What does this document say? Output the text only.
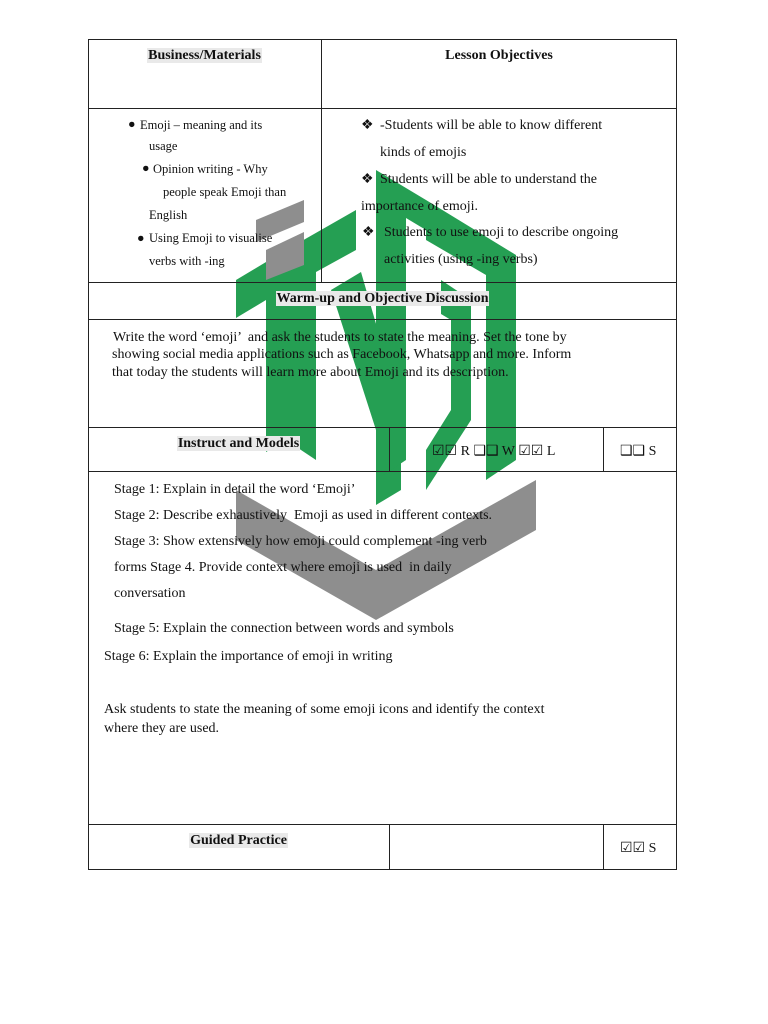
Business/Materials	Lesson Objectives
● Emoji – meaning and its
usage
● Opinion writing - Why
people speak Emoji than
English
● Using Emoji to visualise
verbs with -ing
❖ -Students will be able to know different
kinds of emojis
❖ Students will be able to understand the
importance of emoji.
❖ Students to use emoji to describe ongoing
activities (using -ing verbs)
Warm-up and Objective Discussion
Write the word ‘emoji’  and ask the students to state the meaning. Set the tone by
showing social media applications such as Facebook, Whatsapp and more. Inform
that today the students will learn more about Emoji and its description.
Instruct and Models
☑☑ R ❑❑ W ☑☑ L	❑❑ S
Stage 1: Explain in detail the word ‘Emoji’
Stage 2: Describe exhaustively  Emoji as used in different contexts.
Stage 3: Show extensively how emoji could complement -ing verb
forms Stage 4. Provide context where emoji is used  in daily
conversation
Stage 5: Explain the connection between words and symbols
Stage 6: Explain the importance of emoji in writing
Ask students to state the meaning of some emoji icons and identify the context
where they are used.
Guided Practice
☑☑ S
